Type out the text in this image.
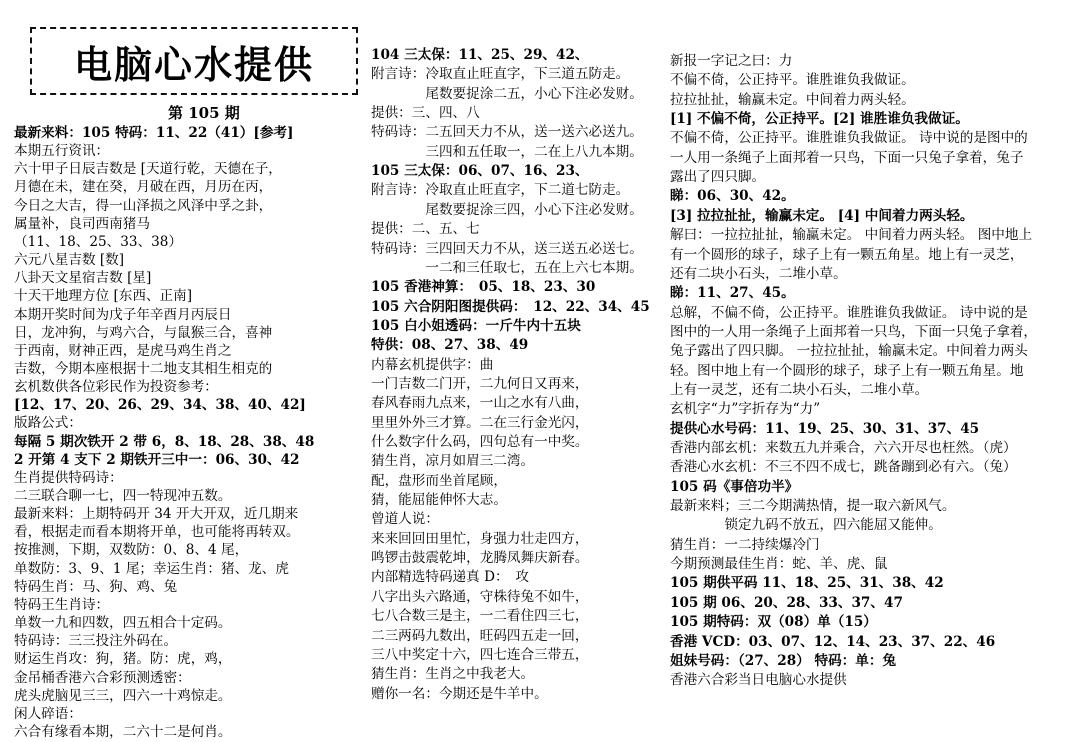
电脑心水提供
第 105 期
最新来料：105 特码：11、22（41）[参考]
本期五行资讯：
六十甲子日辰吉数是 [天道行乾，天德在子，
月德在未，建在癸，月破在西，月历在丙，
今日之大吉，得一山泽损之风泽中孚之卦，
属量补，良司西南猪马
（11、18、25、33、38）
六元八星吉数 [数]
八卦天文星宿吉数 [星]
十天干地理方位 [东西、正南]
本期开奖时间为戊子年辛酉月丙辰日
日，龙冲狗，与鸡六合，与鼠猴三合，喜神
于西南，财神正西，是虎马鸡生肖之
吉数，今期本座根据十二地支其相生相克的
玄机数供各位彩民作为投资参考：
[12、17、20、26、29、34、38、40、42]
版路公式：
每隔 5 期次铁开 2 带 6，8、18、28、38、48
2 开第 4 支下 2 期铁开三中一：06、30、42
生肖提供特码诗：
二三联合聊一七，四一特现冲五数。
最新来料：上期特码开 34 开大开双，近几期来
看，根据走而看本期将开单，也可能将再转双。
按推测，下期，双数防：0、8、4 尾，
单数防：3、9、1 尾；幸运生肖：猪、龙、虎
特码生肖：马、狗、鸡、兔
特码王生肖诗：
单数一九和四数，四五相合十定码。
特码诗：三三投注外码在。
财运生肖攻：狗，猪。防：虎，鸡，
金吊桶香港六合彩预测透密：
虎头虎脑见三三，四六一十鸡惊走。
闲人碎语：
六合有缘看本期，二六十二是何肖。
104 三太保：11、25、29、42、
附言诗：冷取直止旺直字，下三道五防走。
　　　　尾数要捉涂二五，小心下注必发财。
提供：三、四、八
特码诗：二五回天力不从，送一送六必送九。
　　　　三四和五任取一，二在上八九本期。
105 三太保：06、07、16、23、
附言诗：冷取直止旺直字，下二道七防走。
　　　　尾数要捉涂三四，小心下注必发财。
提供：二、五、七
特码诗：三四回天力不从，送三送五必送七。
　　　　一二和三任取七，五在上六七本期。
105 香港神算：　05、18、23、30
105 六合阴阳图提供码：　12、22、34、45
105 白小姐透码：一斤牛内十五块
特供：08、27、38、49
内幕玄机提供字：曲
一门吉数二门开，二九何日又再来，
春风春雨九点来，一山之水有八曲，
里里外外三才算。二在三行金光闪，
什么数字什么码，四句总有一中奖。
猜生肖，凉月如眉三二湾。
配，盘形而坐首尾顾，
猜，能屈能伸怀大志。
曾道人说：
来来回回田里忙，身强力壮走四方，
鸣锣击鼓震乾坤，龙腾凤舞庆新春。
内部精选特码递真 D：　攻
八字出头六路通，守株待兔不如牛，
七八合数三是主，一二看住四三七，
二三两码九数出，旺码四五走一回，
三八中奖定十六，四七连合三带五，
猜生肖：生肖之中我老大。
赠你一名：今期还是牛羊中。
新报一字记之曰：力
不偏不倚，公正持平。谁胜谁负我做证。
拉拉扯扯，输赢未定。中间着力两头轻。
[1] 不偏不倚，公正持平。[2] 谁胜谁负我做证。
不偏不倚，公正持平。谁胜谁负我做证。 诗中说的是图中的
一人用一条绳子上面邦着一只鸟，下面一只兔子拿着，兔子
露出了四只脚。
睇：06、30、42。
[3] 拉拉扯扯，输赢未定。 [4] 中间着力两头轻。
解曰：一拉拉扯扯，输赢未定。 中间着力两头轻。 图中地上
有一个圆形的球子，球子上有一颗五角星。地上有一灵芝，
还有二块小石头，二堆小草。
睇：11、27、45。
总解，不偏不倚，公正持平。谁胜谁负我做证。 诗中说的是
图中的一人用一条绳子上面邦着一只鸟，下面一只兔子拿着，
兔子露出了四只脚。 一拉拉扯扯，输赢未定。中间着力两头
轻。图中地上有一个圆形的球子，球子上有一颗五角星。地
上有一灵芝，还有二块小石头，二堆小草。
玄机字“力”字折存为“力”
提供心水号码：11、19、25、30、31、37、45
香港内部玄机：来数五九并乘合，六六开尽也枉然。（虎）
香港心水玄机：不三不四不成七，跳备蹦到必有六。（兔）
105 码《事倍功半》
最新来料；三二今期满热情，提一取六新风气。
　　　　锁定九码不放五，四六能屈又能伸。
猜生肖：一二持续爆冷门
今期预测最佳生肖：蛇、羊、虎、鼠
105 期供平码 11、18、25、31、38、42
105 期 06、20、28、33、37、47
105 期特码：双（08）单（15）
香港 VCD：03、07、12、14、23、37、22、46
姐妹号码：（27、28） 特码：单：兔
香港六合彩当日电脑心水提供
